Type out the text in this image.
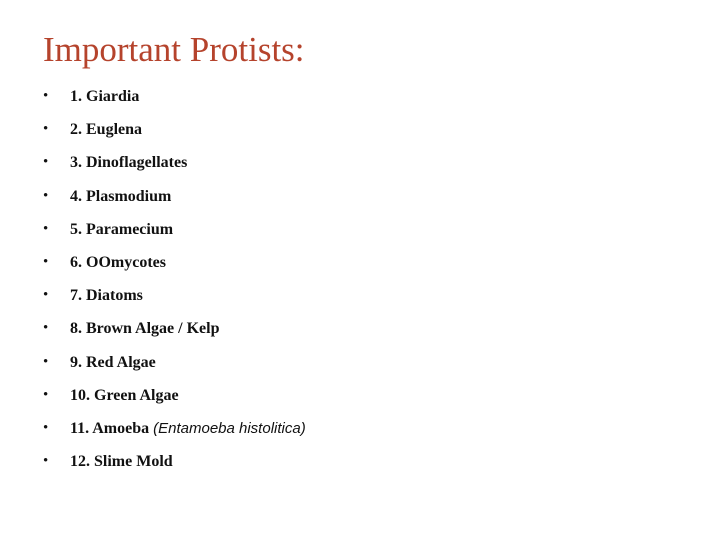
Important Protists:
• 1. Giardia
• 2. Euglena
• 3. Dinoflagellates
• 4. Plasmodium
• 5. Paramecium
• 6. OOmycotes
• 7. Diatoms
• 8. Brown Algae / Kelp
• 9. Red Algae
• 10. Green Algae
• 11. Amoeba (Entamoeba histolitica)
• 12. Slime Mold
